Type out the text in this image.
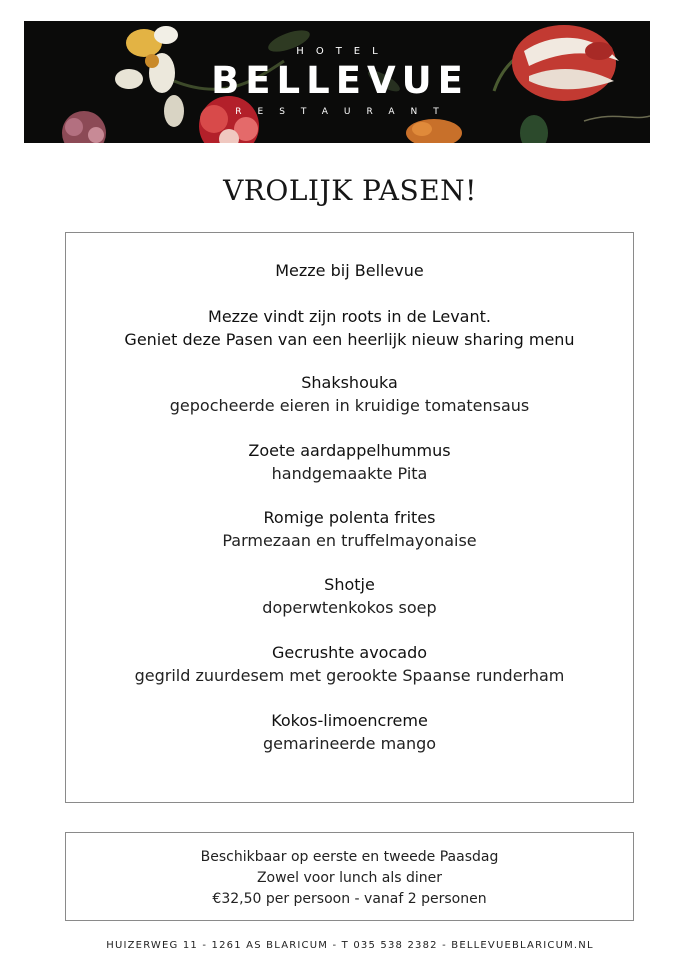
HOTEL
BELLEVUE
RESTAURANT
VROLIJK PASEN!
Mezze bij Bellevue
Mezze vindt zijn roots in de Levant.
Geniet deze Pasen van een heerlijk nieuw sharing menu
Shakshouka
gepocheerde eieren in kruidige tomatensaus
Zoete aardappelhummus
handgemaakte Pita
Romige polenta frites
Parmezaan en truffelmayonaise
Shotje
doperwtenkokos soep
Gecrushte avocado
gegrild zuurdesem met gerookte Spaanse runderham
Kokos-limoencreme
gemarineerde mango
Beschikbaar op eerste en tweede Paasdag
Zowel voor lunch als diner
€32,50 per persoon - vanaf 2 personen
HUIZERWEG 11 - 1261 AS BLARICUM - T 035 538 2382 - BELLEVUEBLARICUM.NL
